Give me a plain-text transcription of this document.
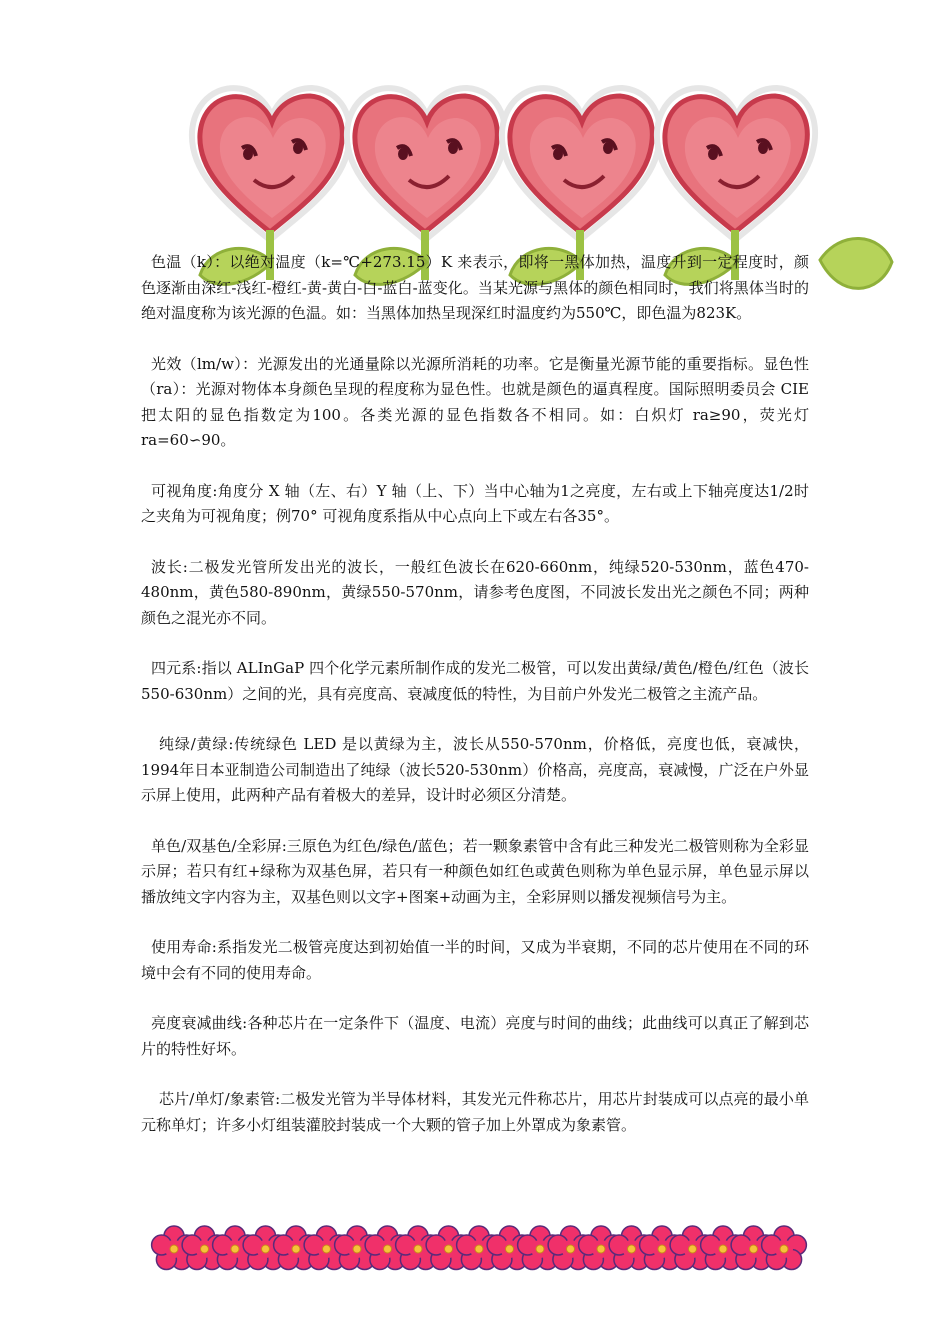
色温（k）：以绝对温度（k=℃+273.15）K 来表示，即将一黑体加热，温度升到一定程度时，颜色逐渐由深红-浅红-橙红-黄-黄白-白-蓝白-蓝变化。当某光源与黑体的颜色相同时，我们将黑体当时的绝对温度称为该光源的色温。如：当黑体加热呈现深红时温度约为550℃，即色温为823K。

光效（lm/w）：光源发出的光通量除以光源所消耗的功率。它是衡量光源节能的重要指标。显色性（ra）：光源对物体本身颜色呈现的程度称为显色性。也就是颜色的逼真程度。国际照明委员会 CIE 把太阳的显色指数定为100。各类光源的显色指数各不相同。如：白炽灯 ra≥90，荧光灯 ra=60∽90。

可视角度:角度分 X 轴（左、右）Y 轴（上、下）当中心轴为1之亮度，左右或上下轴亮度达1/2时之夹角为可视角度；例70° 可视角度系指从中心点向上下或左右各35°。

波长:二极发光管所发出光的波长，一般红色波长在620-660nm，纯绿520-530nm，蓝色470-480nm，黄色580-890nm，黄绿550-570nm，请参考色度图，不同波长发出光之颜色不同；两种颜色之混光亦不同。

四元系:指以 ALInGaP 四个化学元素所制作成的发光二极管，可以发出黄绿/黄色/橙色/红色（波长550-630nm）之间的光，具有亮度高、衰减度低的特性，为目前户外发光二极管之主流产品。

纯绿/黄绿:传统绿色 LED 是以黄绿为主，波长从550-570nm，价格低，亮度也低，衰减快，1994年日本亚制造公司制造出了纯绿（波长520-530nm）价格高，亮度高，衰减慢，广泛在户外显示屏上使用，此两种产品有着极大的差异，设计时必须区分清楚。

单色/双基色/全彩屏:三原色为红色/绿色/蓝色；若一颗象素管中含有此三种发光二极管则称为全彩显示屏；若只有红+绿称为双基色屏，若只有一种颜色如红色或黄色则称为单色显示屏，单色显示屏以播放纯文字内容为主，双基色则以文字+图案+动画为主，全彩屏则以播发视频信号为主。

使用寿命:系指发光二极管亮度达到初始值一半的时间，又成为半衰期，不同的芯片使用在不同的环境中会有不同的使用寿命。

亮度衰减曲线:各种芯片在一定条件下（温度、电流）亮度与时间的曲线；此曲线可以真正了解到芯片的特性好坏。

芯片/单灯/象素管:二极发光管为半导体材料，其发光元件称芯片，用芯片封装成可以点亮的最小单元称单灯；许多小灯组装灌胶封装成一个大颗的管子加上外罩成为象素管。
